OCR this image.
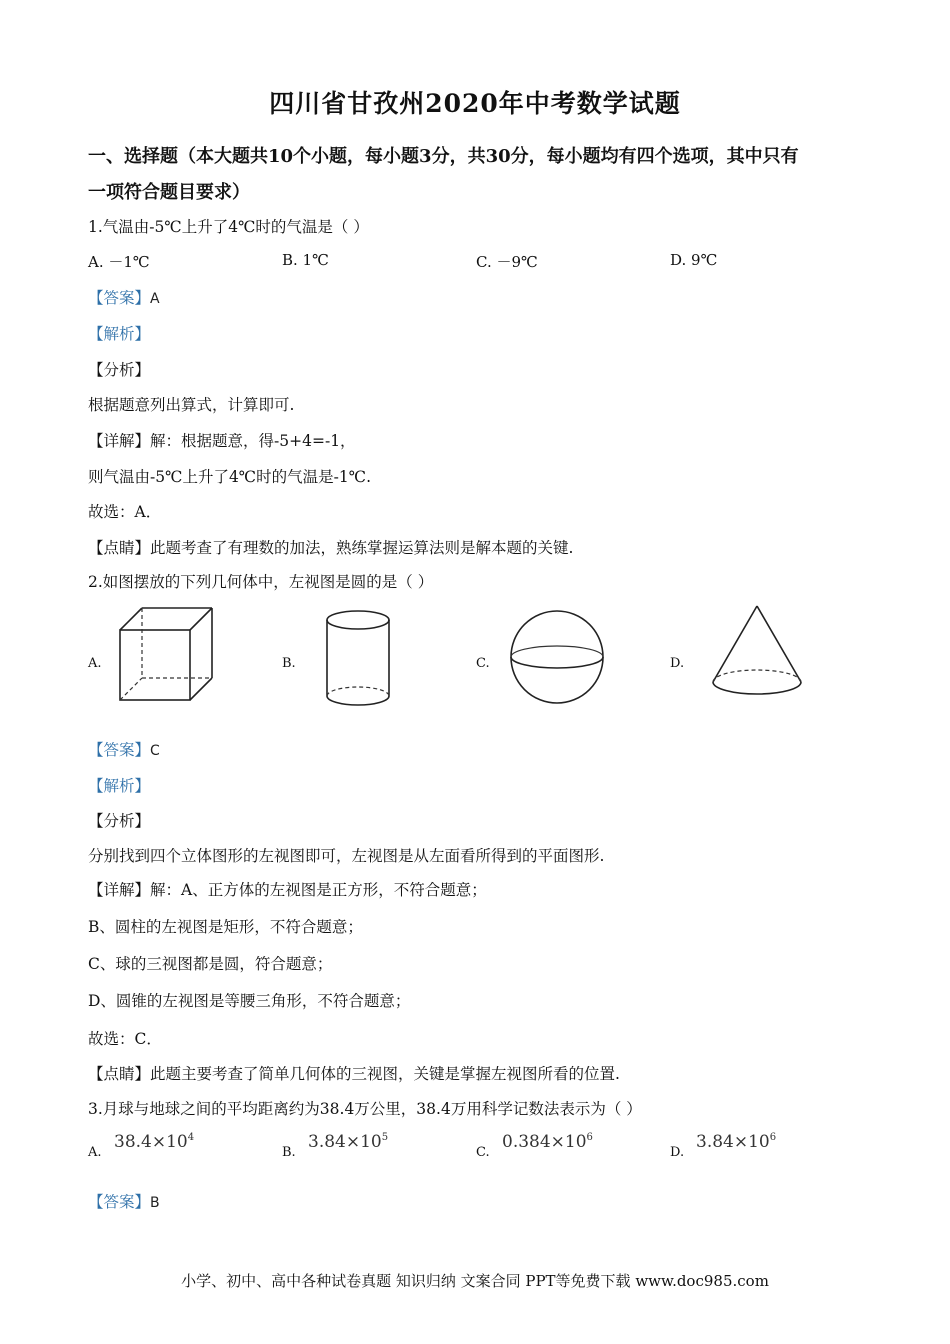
四川省甘孜州2020年中考数学试题
一、选择题（本大题共10个小题，每小题3分，共30分，每小题均有四个选项，其中只有
一项符合题目要求）
1.气温由-5℃上升了4℃时的气温是（ ）
A. －1℃	B. 1℃	C. －9℃	D. 9℃
【答案】A
【解析】
【分析】
根据题意列出算式，计算即可.
【详解】解：根据题意，得-5+4=-1，
则气温由-5℃上升了4℃时的气温是-1℃.
故选：A．
【点睛】此题考查了有理数的加法，熟练掌握运算法则是解本题的关键.
2.如图摆放的下列几何体中，左视图是圆的是（ ）
A.	B.	C.	D.
【答案】C
【解析】
【分析】
分别找到四个立体图形的左视图即可，左视图是从左面看所得到的平面图形.
【详解】解：A、正方体的左视图是正方形，不符合题意；
B、圆柱的左视图是矩形，不符合题意；
C、球的三视图都是圆，符合题意；
D、圆锥的左视图是等腰三角形，不符合题意；
故选：C．
【点睛】此题主要考查了简单几何体的三视图，关键是掌握左视图所看的位置.
3.月球与地球之间的平均距离约为38.4万公里，38.4万用科学记数法表示为（ ）
A.
$38.4\times 10^4$
B.
$3.84\times 10^5$
C.
$0.384\times 10^6$
D.
$3.84\times 10^6$
【答案】B
小学、初中、高中各种试卷真题 知识归纳 文案合同 PPT等免费下载 www.doc985.com
